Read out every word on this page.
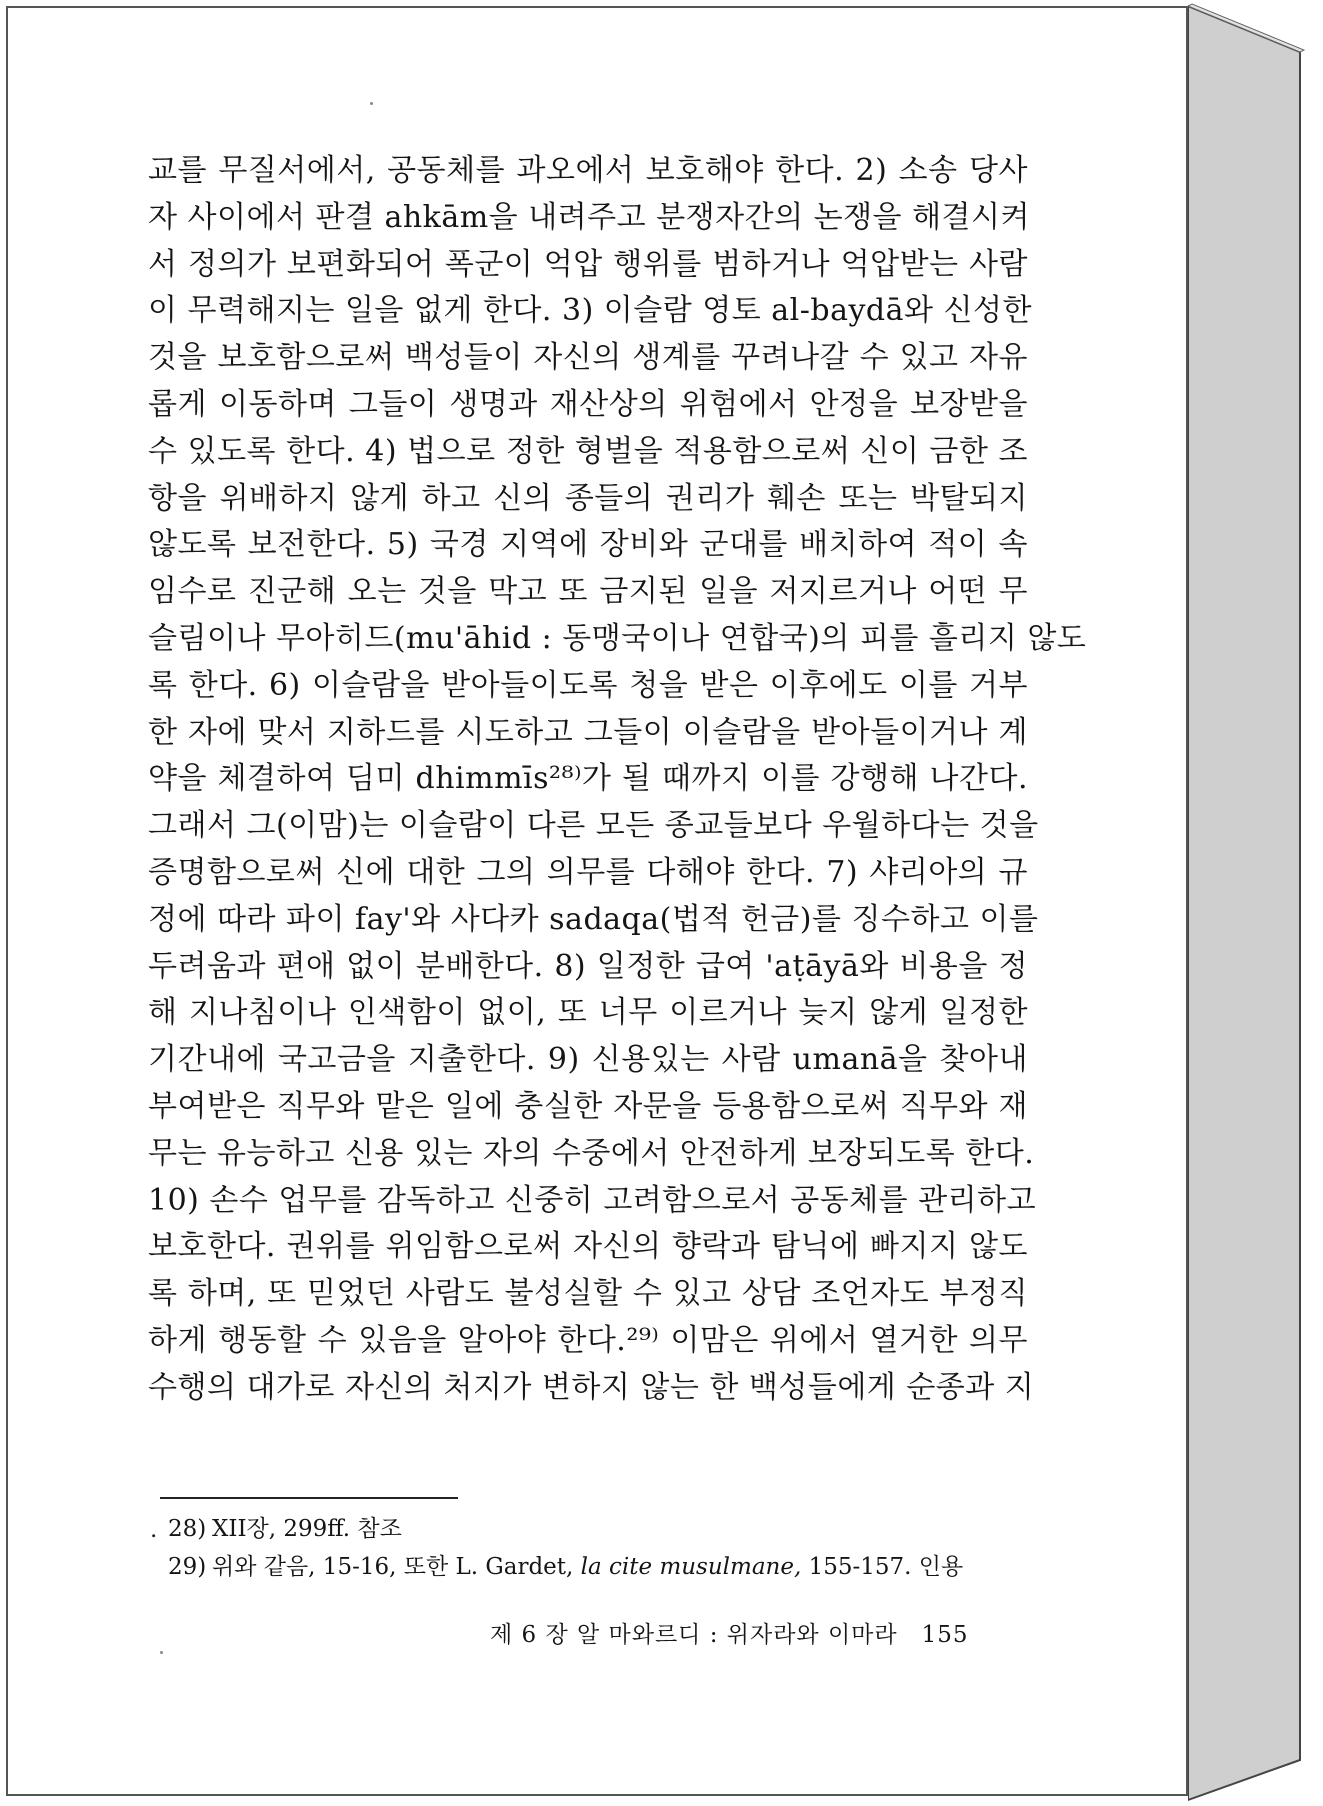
교를 무질서에서, 공동체를 과오에서 보호해야 한다. 2) 소송 당사
자 사이에서 판결 ahkām을 내려주고 분쟁자간의 논쟁을 해결시켜
서 정의가 보편화되어 폭군이 억압 행위를 범하거나 억압받는 사람
이 무력해지는 일을 없게 한다. 3) 이슬람 영토 al-baydā와 신성한
것을 보호함으로써 백성들이 자신의 생계를 꾸려나갈 수 있고 자유
롭게 이동하며 그들이 생명과 재산상의 위험에서 안정을 보장받을
수 있도록 한다. 4) 법으로 정한 형벌을 적용함으로써 신이 금한 조
항을 위배하지 않게 하고 신의 종들의 권리가 훼손 또는 박탈되지
않도록 보전한다. 5) 국경 지역에 장비와 군대를 배치하여 적이 속
임수로 진군해 오는 것을 막고 또 금지된 일을 저지르거나 어떤 무
슬림이나 무아히드(mu'āhid : 동맹국이나 연합국)의 피를 흘리지 않도
록 한다. 6) 이슬람을 받아들이도록 청을 받은 이후에도 이를 거부
한 자에 맞서 지하드를 시도하고 그들이 이슬람을 받아들이거나 계
약을 체결하여 딤미 dhimmīs²⁸⁾가 될 때까지 이를 강행해 나간다.
그래서 그(이맘)는 이슬람이 다른 모든 종교들보다 우월하다는 것을
증명함으로써 신에 대한 그의 의무를 다해야 한다. 7) 샤리아의 규
정에 따라 파이 fay'와 사다카 sadaqa(법적 헌금)를 징수하고 이를
두려움과 편애 없이 분배한다. 8) 일정한 급여 'aṭāyā와 비용을 정
해 지나침이나 인색함이 없이, 또 너무 이르거나 늦지 않게 일정한
기간내에 국고금을 지출한다. 9) 신용있는 사람 umanā을 찾아내
부여받은 직무와 맡은 일에 충실한 자문을 등용함으로써 직무와 재
무는 유능하고 신용 있는 자의 수중에서 안전하게 보장되도록 한다.
10) 손수 업무를 감독하고 신중히 고려함으로서 공동체를 관리하고
보호한다. 권위를 위임함으로써 자신의 향락과 탐닉에 빠지지 않도
록 하며, 또 믿었던 사람도 불성실할 수 있고 상담 조언자도 부정직
하게 행동할 수 있음을 알아야 한다.²⁹⁾ 이맘은 위에서 열거한 의무
수행의 대가로 자신의 처지가 변하지 않는 한 백성들에게 순종과 지
. 28) XII장, 299ff. 참조
29) 위와 같음, 15-16, 또한 L. Gardet, la cite musulmane, 155-157. 인용
제 6 장 알 마와르디 : 위자라와 이마라 155
